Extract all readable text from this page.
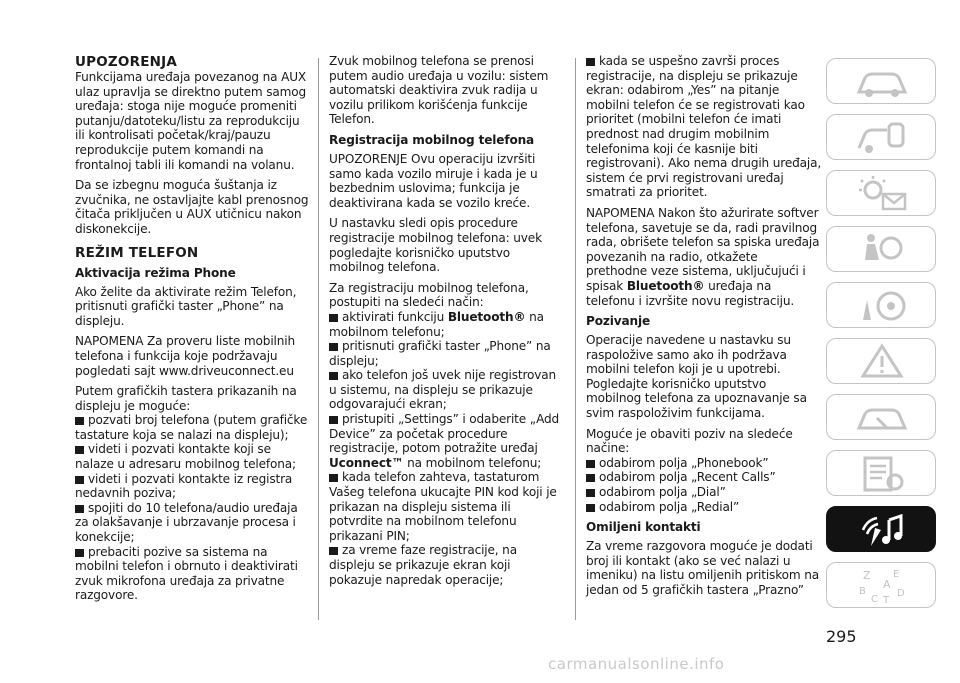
UPOZORENJA

Funkcijama uređaja povezanog na AUX ulaz upravlja se direktno putem samog uređaja: stoga nije moguće promeniti putanju/datoteku/listu za reprodukciju ili kontrolisati početak/kraj/pauzu reprodukcije putem komandi na frontalnoj tabli ili komandi na volanu.

Da se izbegnu moguća šuštanja iz zvučnika, ne ostavljajte kabl prenosnog čitača priključen u AUX utičnicu nakon diskonekcije.

REŽIM TELEFON
Aktivacija režima Phone

Ako želite da aktivirate režim Telefon, pritisnuti grafički taster „Phone” na displeju.

NAPOMENA Za proveru liste mobilnih telefona i funkcija koje podržavaju pogledati sajt www.driveuconnect.eu

Putem grafičkih tastera prikazanih na displeju je moguće:

pozvati broj telefona (putem grafičke tastature koja se nalazi na displeju);
videti i pozvati kontakte koji se nalaze u adresaru mobilnog telefona;
videti i pozvati kontakte iz registra nedavnih poziva;
spojiti do 10 telefona/audio uređaja za olakšavanje i ubrzavanje procesa i konekcije;
prebaciti pozive sa sistema na mobilni telefon i obrnuto i deaktivirati zvuk mikrofona uređaja za privatne razgovore.

Zvuk mobilnog telefona se prenosi putem audio uređaja u vozilu: sistem automatski deaktivira zvuk radija u vozilu prilikom korišćenja funkcije Telefon.

Registracija mobilnog telefona

UPOZORENJE Ovu operaciju izvršiti samo kada vozilo miruje i kada je u bezbednim uslovima; funkcija je deaktivirana kada se vozilo kreće.

U nastavku sledi opis procedure registracije mobilnog telefona: uvek pogledajte korisničko uputstvo mobilnog telefona.

Za registraciju mobilnog telefona, postupiti na sledeći način:

aktivirati funkciju Bluetooth® na mobilnom telefonu;
pritisnuti grafički taster „Phone” na displeju;
ako telefon još uvek nije registrovan u sistemu, na displeju se prikazuje odgovarajući ekran;
pristupiti „Settings” i odaberite „Add Device” za početak procedure registracije, potom potražite uređaj Uconnect™ na mobilnom telefonu;
kada telefon zahteva, tastaturom Vašeg telefona ukucajte PIN kod koji je prikazan na displeju sistema ili potvrdite na mobilnom telefonu prikazani PIN;
za vreme faze registracije, na displeju se prikazuje ekran koji pokazuje napredak operacije;
kada se uspešno završi proces registracije, na displeju se prikazuje ekran: odabirom „Yes” na pitanje mobilni telefon će se registrovati kao prioritet (mobilni telefon će imati prednost nad drugim mobilnim telefonima koji će kasnije biti registrovani). Ako nema drugih uređaja, sistem će prvi registrovani uređaj smatrati za prioritet.

NAPOMENA Nakon što ažurirate softver telefona, savetuje se da, radi pravilnog rada, obrišete telefon sa spiska uređaja povezanih na radio, otkažete prethodne veze sistema, uključujući i spisak Bluetooth® uređaja na telefonu i izvršite novu registraciju.

Pozivanje

Operacije navedene u nastavku su raspoložive samo ako ih podržava mobilni telefon koji je u upotrebi. Pogledajte korisničko uputstvo mobilnog telefona za upoznavanje sa svim raspoloživim funkcijama.

Moguće je obaviti poziv na sledeće načine:

odabirom polja „Phonebook”
odabirom polja „Recent Calls”
odabirom polja „Dial”
odabirom polja „Redial”
Omiljeni kontakti

Za vreme razgovora moguće je dodati broj ili kontakt (ako se već nalazi u imeniku) na listu omiljenih pritiskom na jedan od 5 grafičkih tastera „Prazno”

Z E
A
B	D
C T
295
carmanualsonline.info
